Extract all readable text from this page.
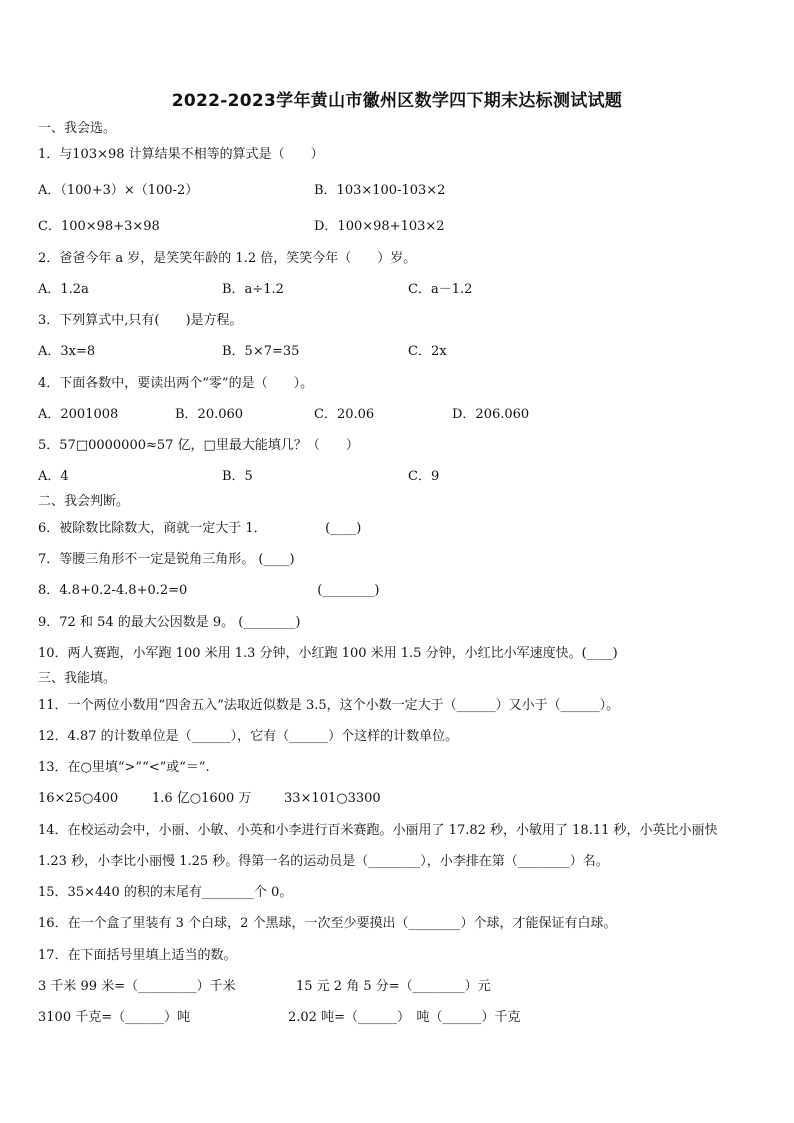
2022-2023学年黄山市徽州区数学四下期末达标测试试题
一、我会选。
1．与103×98 计算结果不相等的算式是（　　）
A．（100+3）×（100-2）	B．103×100-103×2
C．100×98+3×98	D．100×98+103×2
2．爸爸今年 a 岁，是笑笑年龄的 1.2 倍，笑笑今年（　　）岁。
A．1.2a	B．a÷1.2	C．a－1.2
3．下列算式中,只有(　　)是方程。
A．3x=8	B．5×7=35	C．2x
4．下面各数中，要读出两个“零”的是（　　）。
A．2001008	B．20.060	C．20.06	D．206.060
5．57□0000000≈57 亿，□里最大能填几？（　　）
A．4	B．5	C．9
二、我会判断。
6．被除数比除数大，商就一定大于 1．　　　　　(____)
7．等腰三角形不一定是锐角三角形。 (____)
8．4.8+0.2-4.8+0.2=0　　　　　　　　　　(________)
9．72 和 54 的最大公因数是 9。 (________)
10．两人赛跑，小军跑 100 米用 1.3 分钟，小红跑 100 米用 1.5 分钟，小红比小军速度快。(____)
三、我能填。
11．一个两位小数用“四舍五入”法取近似数是 3.5，这个小数一定大于（______）又小于（______）。
12．4.87 的计数单位是（______），它有（______）个这样的计数单位。
13．在○里填“>”“<”或“＝”.
16×25○400	1.6 亿○1600 万	33×101○3300
14．在校运动会中，小丽、小敏、小英和小李进行百米赛跑。小丽用了 17.82 秒，小敏用了 18.11 秒，小英比小丽快
1.23 秒，小李比小丽慢 1.25 秒。得第一名的运动员是（________），小李排在第（________）名。
15．35×440 的积的末尾有________个 0。
16．在一个盒了里装有 3 个白球，2 个黑球，一次至少要摸出（________）个球，才能保证有白球。
17．在下面括号里填上适当的数。
3 千米 99 米=（_________）千米	15 元 2 角 5 分=（________）元
3100 千克=（______）吨	2.02 吨=（______）　吨（______）千克
